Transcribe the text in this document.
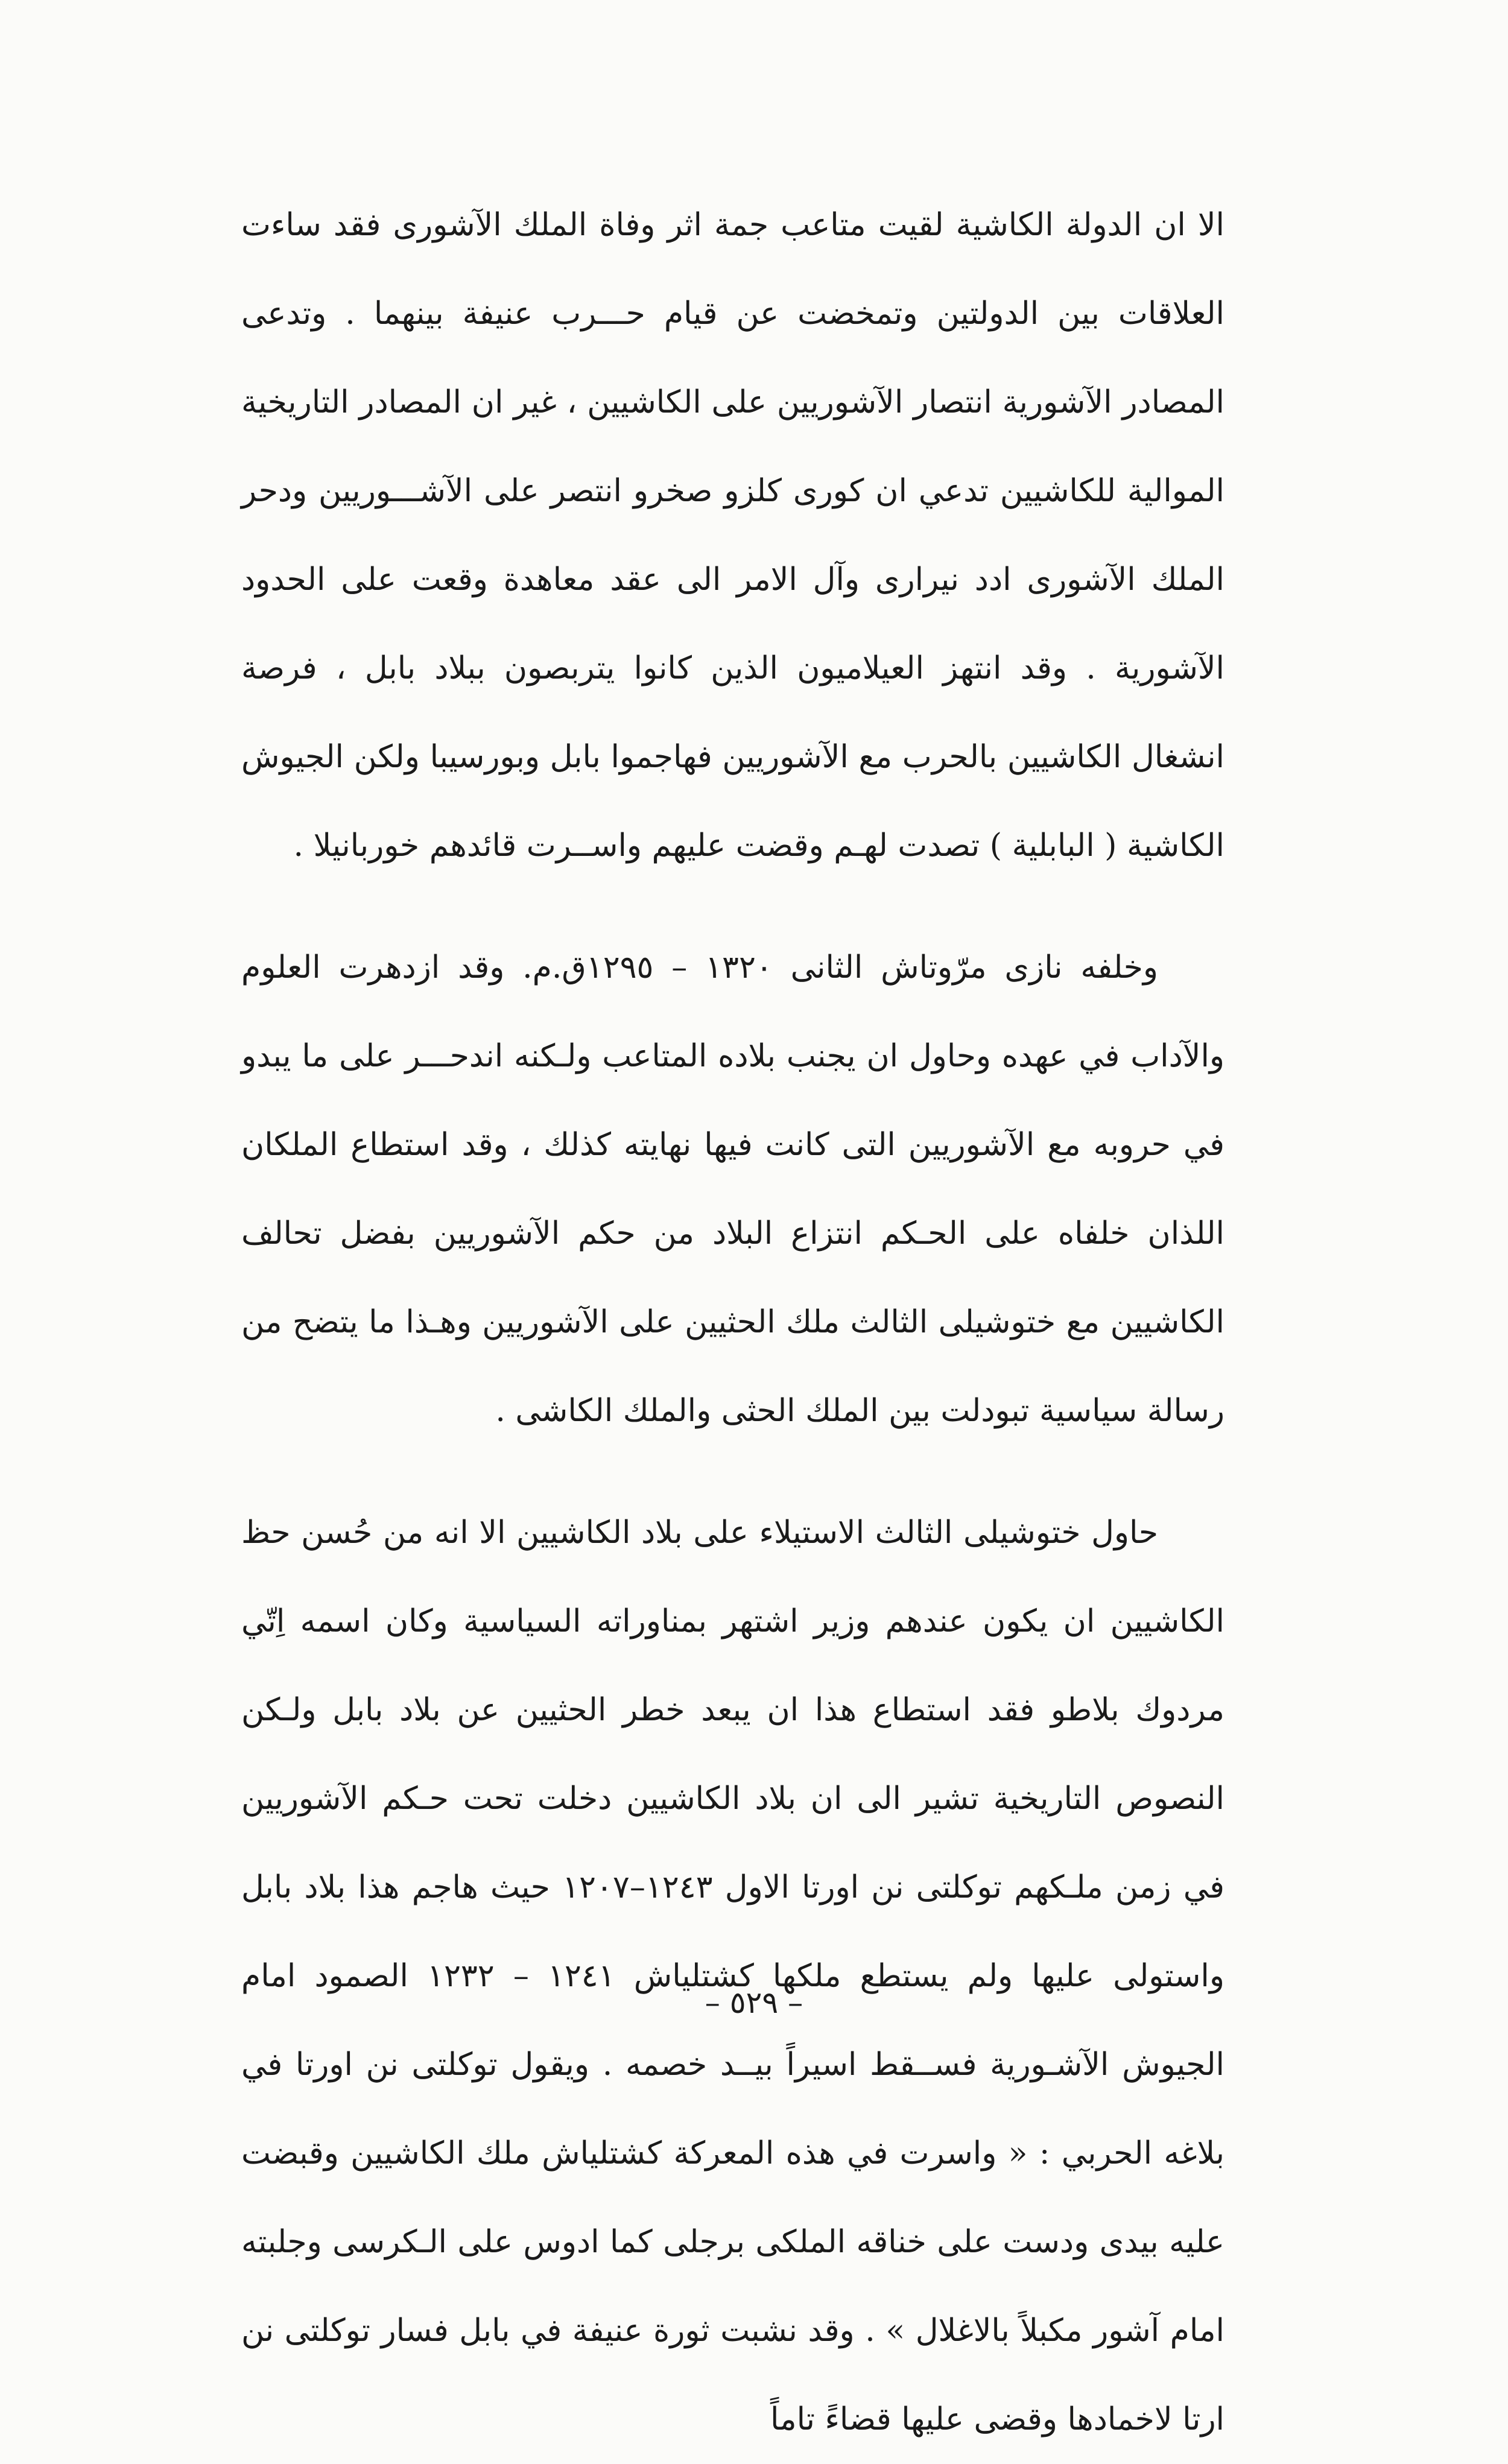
الا ان الدولة الكاشية لقيت متاعب جمة اثر وفاة الملك الآشورى فقد ساءت العلاقات بين الدولتين وتمخضت عن قيام حـــرب عنيفة بينهما . وتدعى المصادر الآشورية انتصار الآشوريين على الكاشيين ، غير ان المصادر التاريخية الموالية للكاشيين تدعي ان كورى كلزو صخرو انتصر على الآشـــوريين ودحر الملك الآشورى ادد نيرارى وآل الامر الى عقد معاهدة وقعت على الحدود الآشورية . وقد انتهز العيلاميون الذين كانوا يتربصون ببلاد بابل ، فرصة انشغال الكاشيين بالحرب مع الآشوريين فهاجموا بابل وبورسيبا ولكن الجيوش الكاشية ( البابلية ) تصدت لهـم وقضت عليهم واســرت قائدهم خوربانيلا .

وخلفه نازى مرّوتاش الثانى ١٣٢٠ – ١٢٩٥ق.م. وقد ازدهرت العلوم والآداب في عهده وحاول ان يجنب بلاده المتاعب ولـكنه اندحـــر على ما يبدو في حروبه مع الآشوريين التى كانت فيها نهايته كذلك ، وقد استطاع الملكان اللذان خلفاه على الحـكم انتزاع البلاد من حكم الآشوريين بفضل تحالف الكاشيين مع ختوشيلى الثالث ملك الحثيين على الآشوريين وهـذا ما يتضح من رسالة سياسية تبودلت بين الملك الحثى والملك الكاشى .

حاول ختوشيلى الثالث الاستيلاء على بلاد الكاشيين الا انه من حُسن حظ الكاشيين ان يكون عندهم وزير اشتهر بمناوراته السياسية وكان اسمه اِتّي مردوك بلاطو فقد استطاع هذا ان يبعد خطر الحثيين عن بلاد بابل ولـكن النصوص التاريخية تشير الى ان بلاد الكاشيين دخلت تحت حـكم الآشوريين في زمن ملـكهم توكلتى نن اورتا الاول ١٢٤٣–١٢٠٧ حيث هاجم هذا بلاد بابل واستولى عليها ولم يستطع ملكها كشتلياش ١٢٤١ – ١٢٣٢ الصمود امام الجيوش الآشـورية فســقط اسيراً بيــد خصمه . ويقول توكلتى نن اورتا في بلاغه الحربي : « واسرت في هذه المعركة كشتلياش ملك الكاشيين وقبضت عليه بيدى ودست على خناقه الملكى برجلى كما ادوس على الـكرسى وجلبته امام آشور مكبلاً بالاغلال » . وقد نشبت ثورة عنيفة في بابل فسار توكلتى نن ارتا لاخمادها وقضى عليها قضاءً تاماً

– ٥٢٩ –
